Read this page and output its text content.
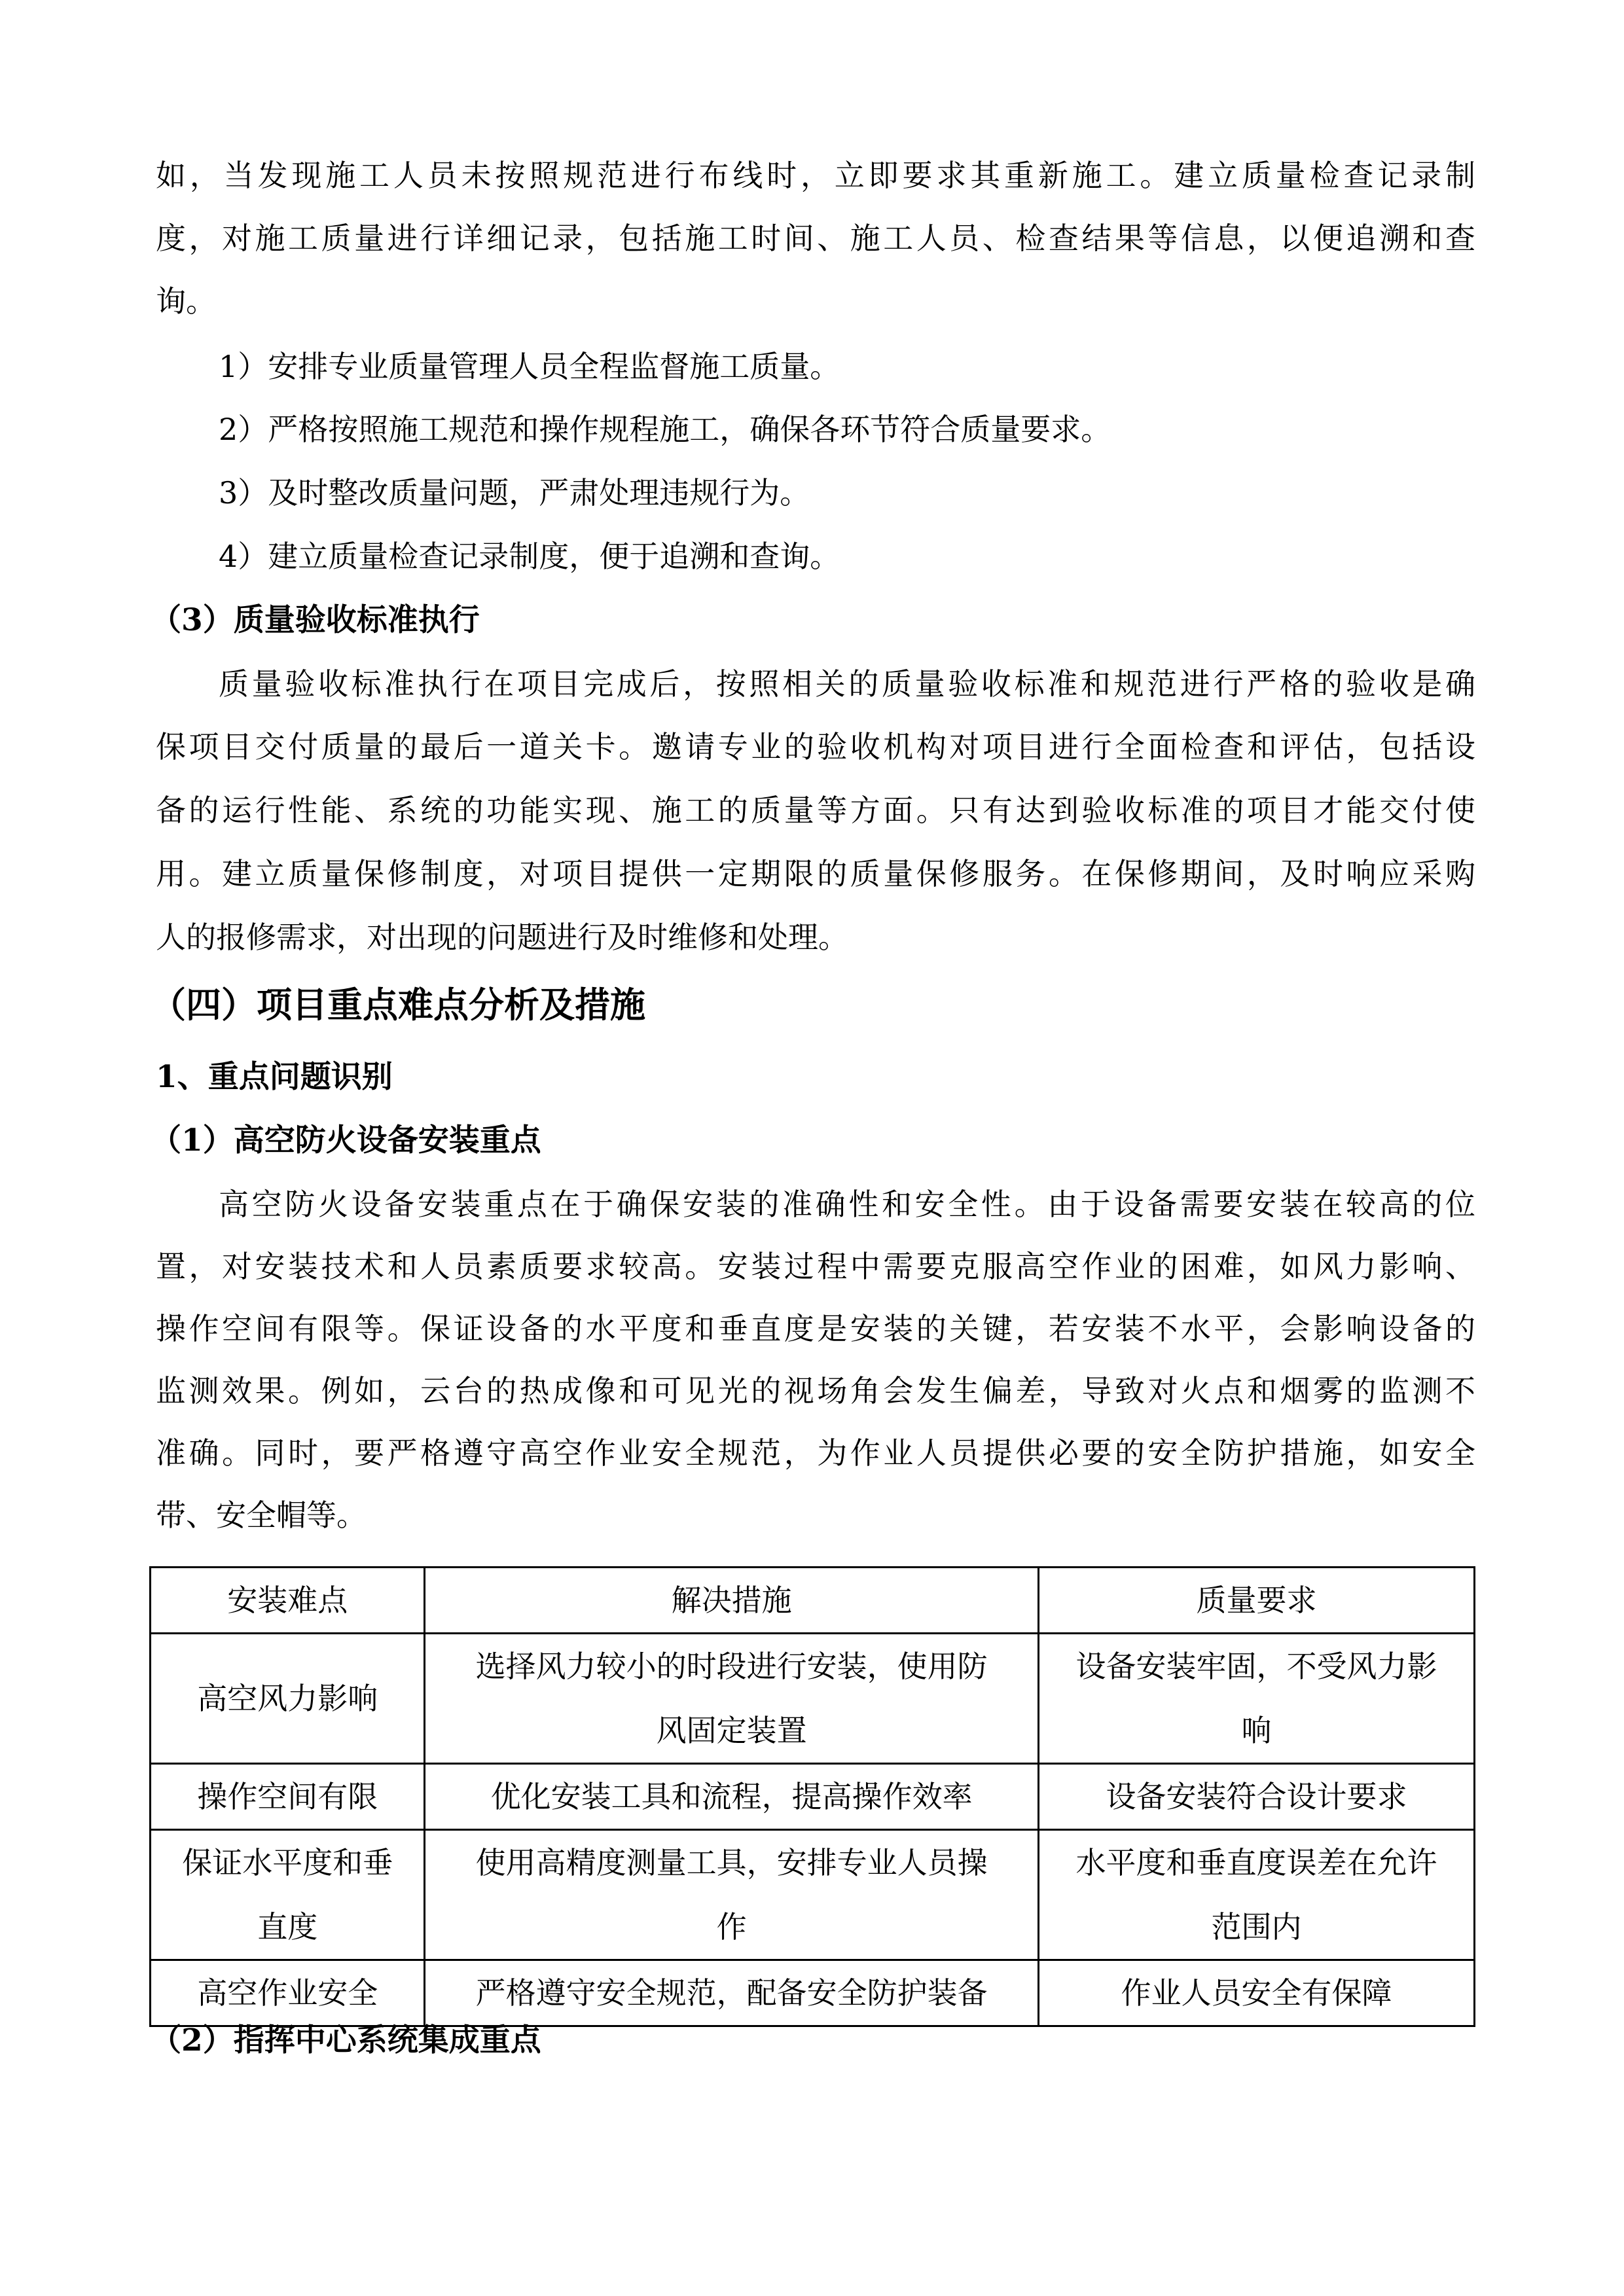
如，当发现施工人员未按照规范进行布线时，立即要求其重新施工。建立质量检查记录制
度，对施工质量进行详细记录，包括施工时间、施工人员、检查结果等信息，以便追溯和查
询。
1）安排专业质量管理人员全程监督施工质量。
2）严格按照施工规范和操作规程施工，确保各环节符合质量要求。
3）及时整改质量问题，严肃处理违规行为。
4）建立质量检查记录制度，便于追溯和查询。
（3）质量验收标准执行
质量验收标准执行在项目完成后，按照相关的质量验收标准和规范进行严格的验收是确
保项目交付质量的最后一道关卡。邀请专业的验收机构对项目进行全面检查和评估，包括设
备的运行性能、系统的功能实现、施工的质量等方面。只有达到验收标准的项目才能交付使
用。建立质量保修制度，对项目提供一定期限的质量保修服务。在保修期间，及时响应采购
人的报修需求，对出现的问题进行及时维修和处理。
（四）项目重点难点分析及措施
1、重点问题识别
（1）高空防火设备安装重点
高空防火设备安装重点在于确保安装的准确性和安全性。由于设备需要安装在较高的位
置，对安装技术和人员素质要求较高。安装过程中需要克服高空作业的困难，如风力影响、
操作空间有限等。保证设备的水平度和垂直度是安装的关键，若安装不水平，会影响设备的
监测效果。例如，云台的热成像和可见光的视场角会发生偏差，导致对火点和烟雾的监测不
准确。同时，要严格遵守高空作业安全规范，为作业人员提供必要的安全防护措施，如安全
带、安全帽等。
安装难点	解决措施	质量要求

高空风力影响	选择风力较小的时段进行安装，使用防
风固定装置	设备安装牢固，不受风力影
响

操作空间有限	优化安装工具和流程，提高操作效率	设备安装符合设计要求

保证水平度和垂
直度	使用高精度测量工具，安排专业人员操
作	水平度和垂直度误差在允许
范围内

高空作业安全	严格遵守安全规范，配备安全防护装备	作业人员安全有保障
（2）指挥中心系统集成重点
